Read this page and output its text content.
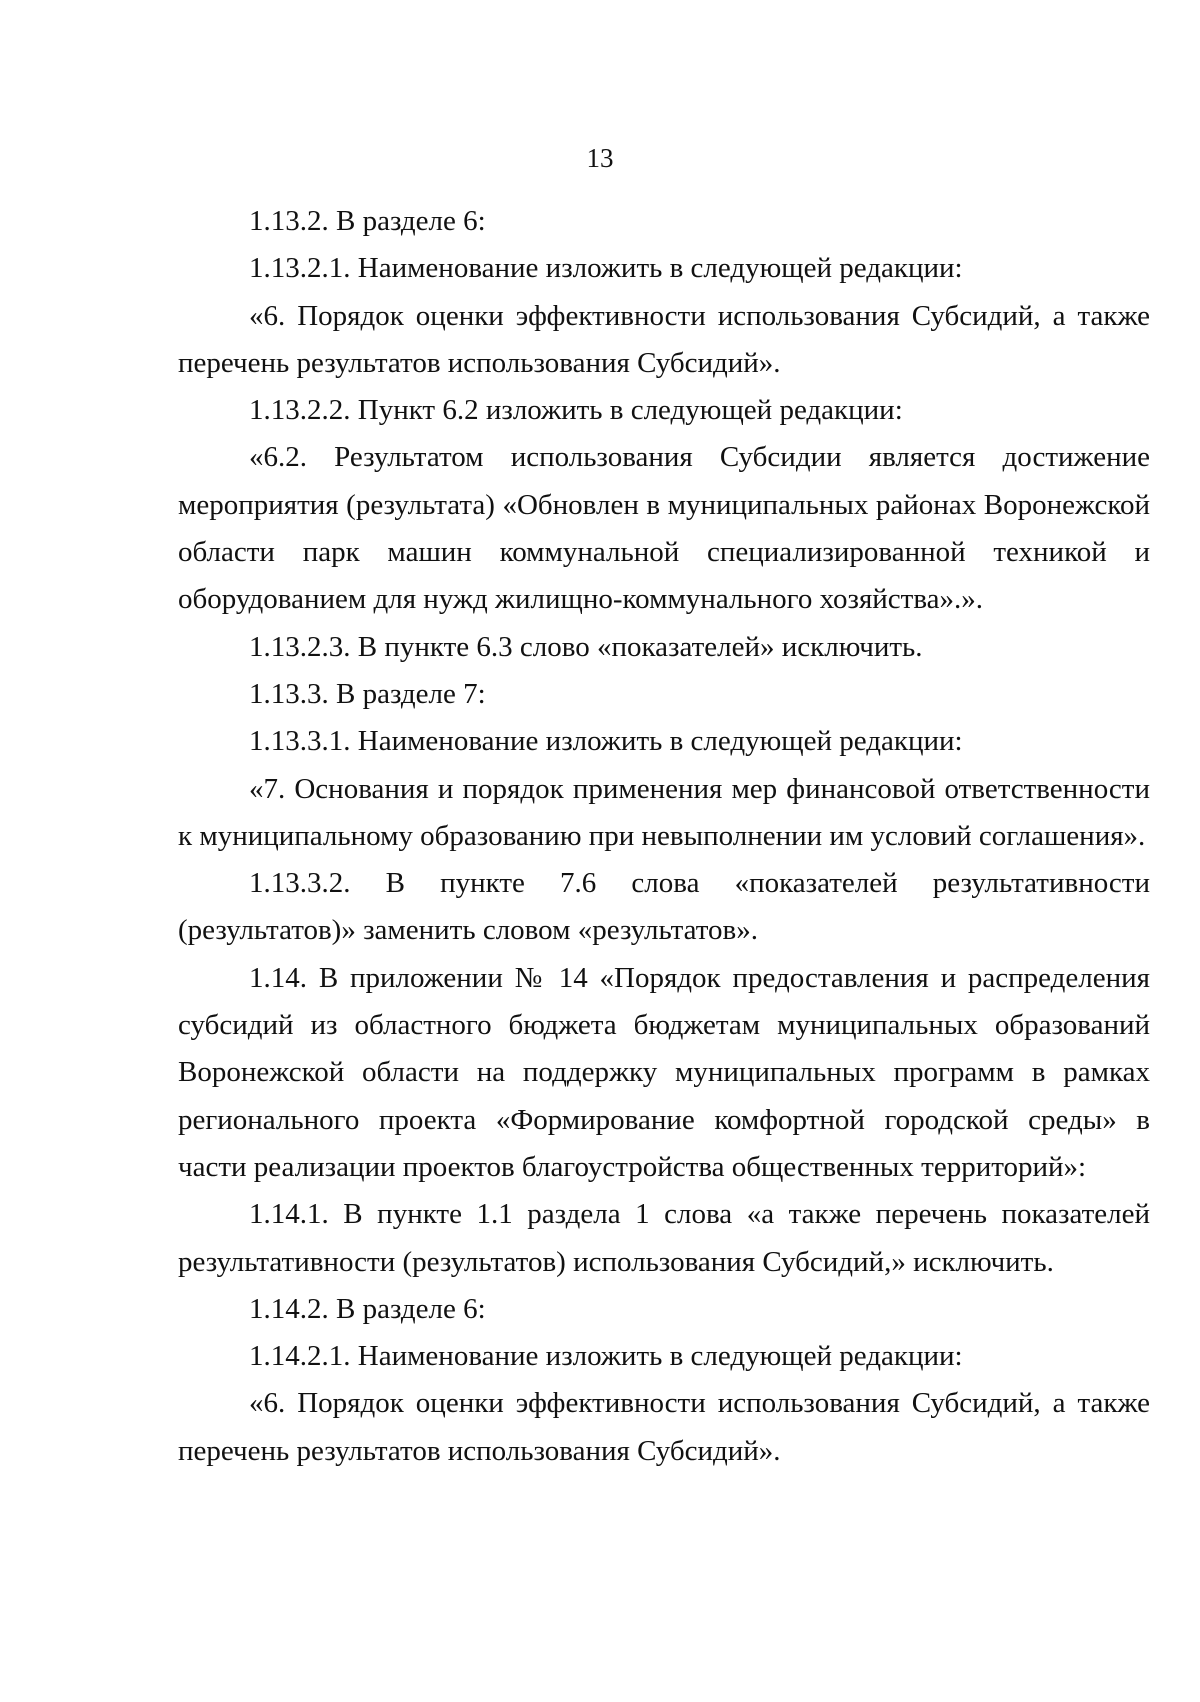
13

1.13.2. В разделе 6:

1.13.2.1. Наименование изложить в следующей редакции:

«6. Порядок оценки эффективности использования Субсидий, а также перечень результатов использования Субсидий».

1.13.2.2. Пункт 6.2 изложить в следующей редакции:

«6.2. Результатом использования Субсидии является достижение мероприятия (результата) «Обновлен в муниципальных районах Воронежской области парк машин коммунальной специализированной техникой и оборудованием для нужд жилищно-коммунального хозяйства».».

1.13.2.3. В пункте 6.3 слово «показателей» исключить.

1.13.3. В разделе 7:

1.13.3.1. Наименование изложить в следующей редакции:

«7. Основания и порядок применения мер финансовой ответственности к муниципальному образованию при невыполнении им условий соглашения».

1.13.3.2. В пункте 7.6 слова «показателей результативности (результатов)» заменить словом «результатов».

1.14. В приложении № 14 «Порядок предоставления и распределения субсидий из областного бюджета бюджетам муниципальных образований Воронежской области на поддержку муниципальных программ в рамках регионального проекта «Формирование комфортной городской среды» в части реализации проектов благоустройства общественных территорий»:

1.14.1. В пункте 1.1 раздела 1 слова «а также перечень показателей результативности (результатов) использования Субсидий,» исключить.

1.14.2. В разделе 6:

1.14.2.1. Наименование изложить в следующей редакции:

«6. Порядок оценки эффективности использования Субсидий, а также перечень результатов использования Субсидий».
